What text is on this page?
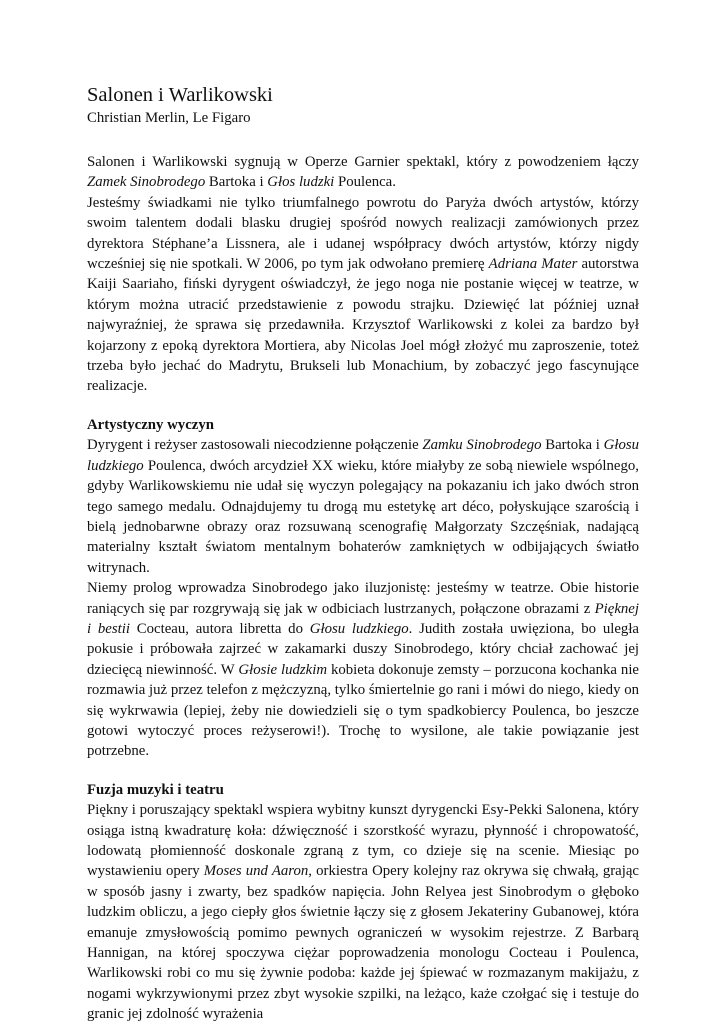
Salonen i Warlikowski
Christian Merlin, Le Figaro

Salonen i Warlikowski sygnują w Operze Garnier spektakl, który z powodzeniem łączy Zamek Sinobrodego Bartoka i Głos ludzki Poulenca.

Jesteśmy świadkami nie tylko triumfalnego powrotu do Paryża dwóch artystów, którzy swoim talentem dodali blasku drugiej spośród nowych realizacji zamówionych przez dyrektora Stéphane’a Lissnera, ale i udanej współpracy dwóch artystów, którzy nigdy wcześniej się nie spotkali. W 2006, po tym jak odwołano premierę Adriana Mater autorstwa Kaiji Saariaho, fiński dyrygent oświadczył, że jego noga nie postanie więcej w teatrze, w którym można utracić przedstawienie z powodu strajku. Dziewięć lat później uznał najwyraźniej, że sprawa się przedawniła. Krzysztof Warlikowski z kolei za bardzo był kojarzony z epoką dyrektora Mortiera, aby Nicolas Joel mógł złożyć mu zaproszenie, toteż trzeba było jechać do Madrytu, Brukseli lub Monachium, by zobaczyć jego fascynujące realizacje.

Artystyczny wyczyn

Dyrygent i reżyser zastosowali niecodzienne połączenie Zamku Sinobrodego Bartoka i Głosu ludzkiego Poulenca, dwóch arcydzieł XX wieku, które miałyby ze sobą niewiele wspólnego, gdyby Warlikowskiemu nie udał się wyczyn polegający na pokazaniu ich jako dwóch stron tego samego medalu. Odnajdujemy tu drogą mu estetykę art déco, połyskujące szarością i bielą jednobarwne obrazy oraz rozsuwaną scenografię Małgorzaty Szczęśniak, nadającą materialny kształt światom mentalnym bohaterów zamkniętych w odbijających światło witrynach.

Niemy prolog wprowadza Sinobrodego jako iluzjonistę: jesteśmy w teatrze. Obie historie raniących się par rozgrywają się jak w odbiciach lustrzanych, połączone obrazami z Pięknej i bestii Cocteau, autora libretta do Głosu ludzkiego. Judith została uwięziona, bo uległa pokusie i próbowała zajrzeć w zakamarki duszy Sinobrodego, który chciał zachować jej dziecięcą niewinność. W Głosie ludzkim kobieta dokonuje zemsty – porzucona kochanka nie rozmawia już przez telefon z mężczyzną, tylko śmiertelnie go rani i mówi do niego, kiedy on się wykrwawia (lepiej, żeby nie dowiedzieli się o tym spadkobiercy Poulenca, bo jeszcze gotowi wytoczyć proces reżyserowi!). Trochę to wysilone, ale takie powiązanie jest potrzebne.

Fuzja muzyki i teatru

Piękny i poruszający spektakl wspiera wybitny kunszt dyrygencki Esy-Pekki Salonena, który osiąga istną kwadraturę koła: dźwięczność i szorstkość wyrazu, płynność i chropowatość, lodowatą płomienność doskonale zgraną z tym, co dzieje się na scenie. Miesiąc po wystawieniu opery Moses und Aaron, orkiestra Opery kolejny raz okrywa się chwałą, grając w sposób jasny i zwarty, bez spadków napięcia. John Relyea jest Sinobrodym o głęboko ludzkim obliczu, a jego ciepły głos świetnie łączy się z głosem Jekateriny Gubanowej, która emanuje zmysłowością pomimo pewnych ograniczeń w wysokim rejestrze. Z Barbarą Hannigan, na której spoczywa ciężar poprowadzenia monologu Cocteau i Poulenca, Warlikowski robi co mu się żywnie podoba: każde jej śpiewać w rozmazanym makijażu, z nogami wykrzywionymi przez zbyt wysokie szpilki, na leżąco, każe czołgać się i testuje do granic jej zdolność wyrażenia
